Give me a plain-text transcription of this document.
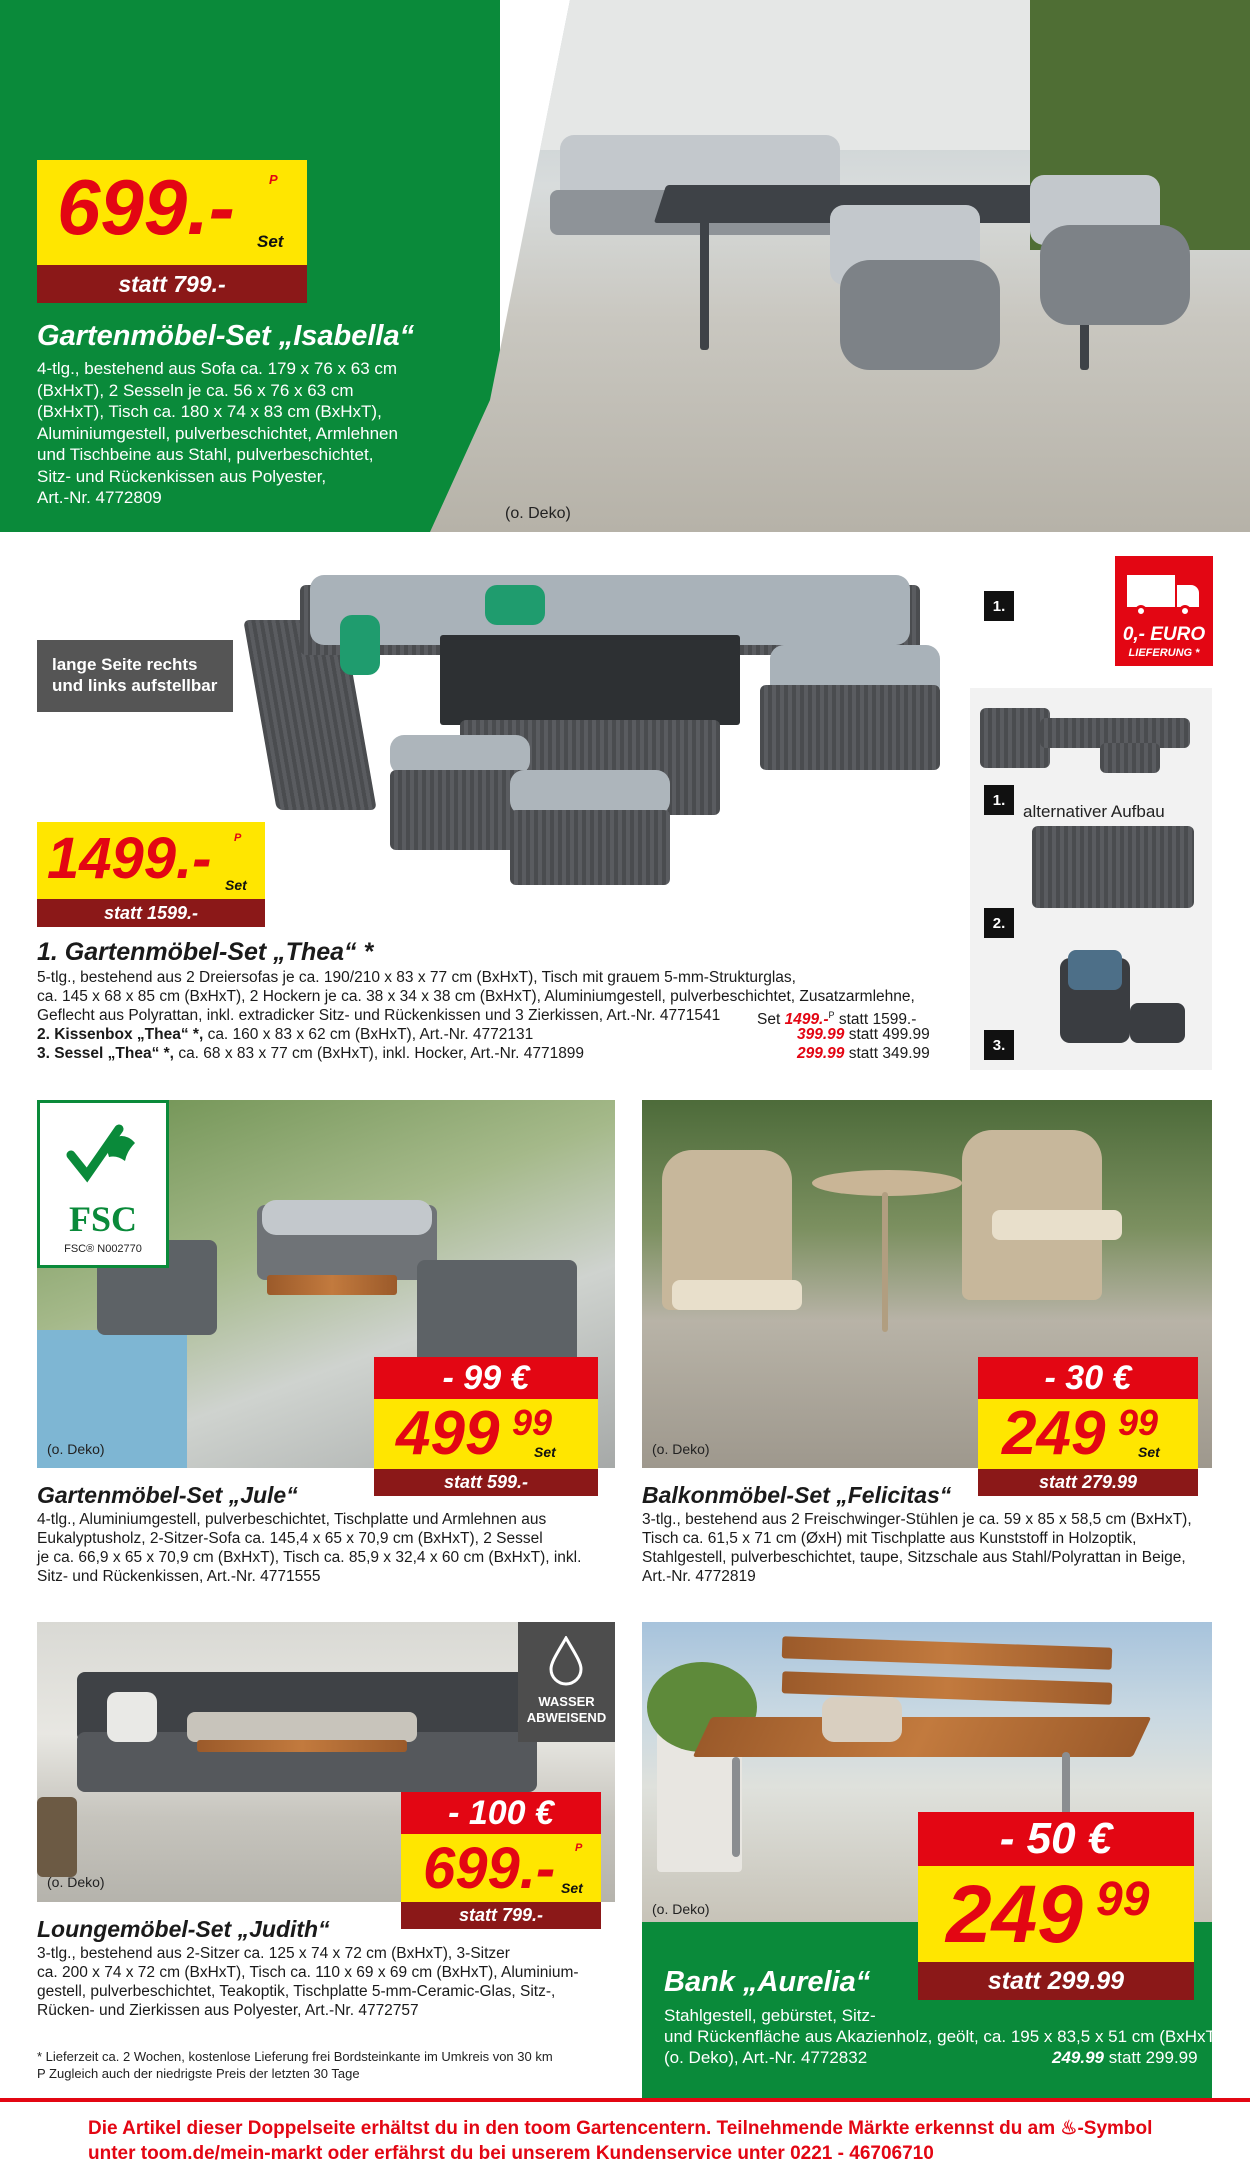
699.-	P
Set
statt 799.-
Gartenmöbel-Set „Isabella“
4-tlg., bestehend aus Sofa ca. 179 x 76 x 63 cm
(BxHxT), 2 Sesseln je ca. 56 x 76 x 63 cm
(BxHxT), Tisch ca. 180 x 74 x 83 cm (BxHxT),
Aluminiumgestell, pulverbeschichtet, Armlehnen
und Tischbeine aus Stahl, pulverbeschichtet,
Sitz- und Rückenkissen aus Polyester,
Art.-Nr. 4772809
(o. Deko)
lange Seite rechts
und links aufstellbar
0,- EURO
LIEFERUNG *
1.
1.
alternativer Aufbau
2.
3.
1499.- P
Set
statt 1599.-
1. Gartenmöbel-Set „Thea“ *
5-tlg., bestehend aus 2 Dreiersofas je ca. 190/210 x 83 x 77 cm (BxHxT), Tisch mit grauem 5-mm-Strukturglas,
ca. 145 x 68 x 85 cm (BxHxT), 2 Hockern je ca. 38 x 34 x 38 cm (BxHxT), Aluminiumgestell, pulverbeschichtet, Zusatzarmlehne,
Geflecht aus Polyrattan, inkl. extradicker Sitz- und Rückenkissen und 3 Zierkissen, Art.-Nr. 4771541 Set 1499.-$^P$ statt 1599.-
2. Kissenbox „Thea“ *, ca. 160 x 83 x 62 cm (BxHxT), Art.-Nr. 4772131	399.99 statt 499.99
3. Sessel „Thea“ *, ca. 68 x 83 x 77 cm (BxHxT), inkl. Hocker, Art.-Nr. 4771899	299.99 statt 349.99
FSC
FSC® N002770
(o. Deko)
- 99 €
499 99
Set
statt 599.-
Gartenmöbel-Set „Jule“
4-tlg., Aluminiumgestell, pulverbeschichtet, Tischplatte und Armlehnen aus
Eukalyptusholz, 2-Sitzer-Sofa ca. 145,4 x 65 x 70,9 cm (BxHxT), 2 Sessel
je ca. 66,9 x 65 x 70,9 cm (BxHxT), Tisch ca. 85,9 x 32,4 x 60 cm (BxHxT), inkl.
Sitz- und Rückenkissen, Art.-Nr. 4771555
(o. Deko)
- 30 €
249 99
Set
statt 279.99
Balkonmöbel-Set „Felicitas“
3-tlg., bestehend aus 2 Freischwinger-Stühlen je ca. 59 x 85 x 58,5 cm (BxHxT),
Tisch ca. 61,5 x 71 cm (ØxH) mit Tischplatte aus Kunststoff in Holzoptik,
Stahlgestell, pulverbeschichtet, taupe, Sitzschale aus Stahl/Polyrattan in Beige,
Art.-Nr. 4772819
WASSER
ABWEISEND
(o. Deko)
- 100 €
699.- P
Set
statt 799.-
Loungemöbel-Set „Judith“
3-tlg., bestehend aus 2-Sitzer ca. 125 x 74 x 72 cm (BxHxT), 3-Sitzer
ca. 200 x 74 x 72 cm (BxHxT), Tisch ca. 110 x 69 x 69 cm (BxHxT), Aluminium-
gestell, pulverbeschichtet, Teakoptik, Tischplatte 5-mm-Ceramic-Glas, Sitz-,
Rücken- und Zierkissen aus Polyester, Art.-Nr. 4772757
* Lieferzeit ca. 2 Wochen, kostenlose Lieferung frei Bordsteinkante im Umkreis von 30 km
P Zugleich auch der niedrigste Preis der letzten 30 Tage
(o. Deko)
- 50 €
249 99
statt 299.99
Bank „Aurelia“
Stahlgestell, gebürstet, Sitz-
und Rückenfläche aus Akazienholz, geölt, ca. 195 x 83,5 x 51 cm (BxHxT)
(o. Deko), Art.-Nr. 4772832	249.99 statt 299.99
Die Artikel dieser Doppelseite erhältst du in den toom Gartencentern. Teilnehmende Märkte erkennst du am ♨-Symbol
unter toom.de/mein-markt oder erfährst du bei unserem Kundenservice unter 0221 - 46706710
